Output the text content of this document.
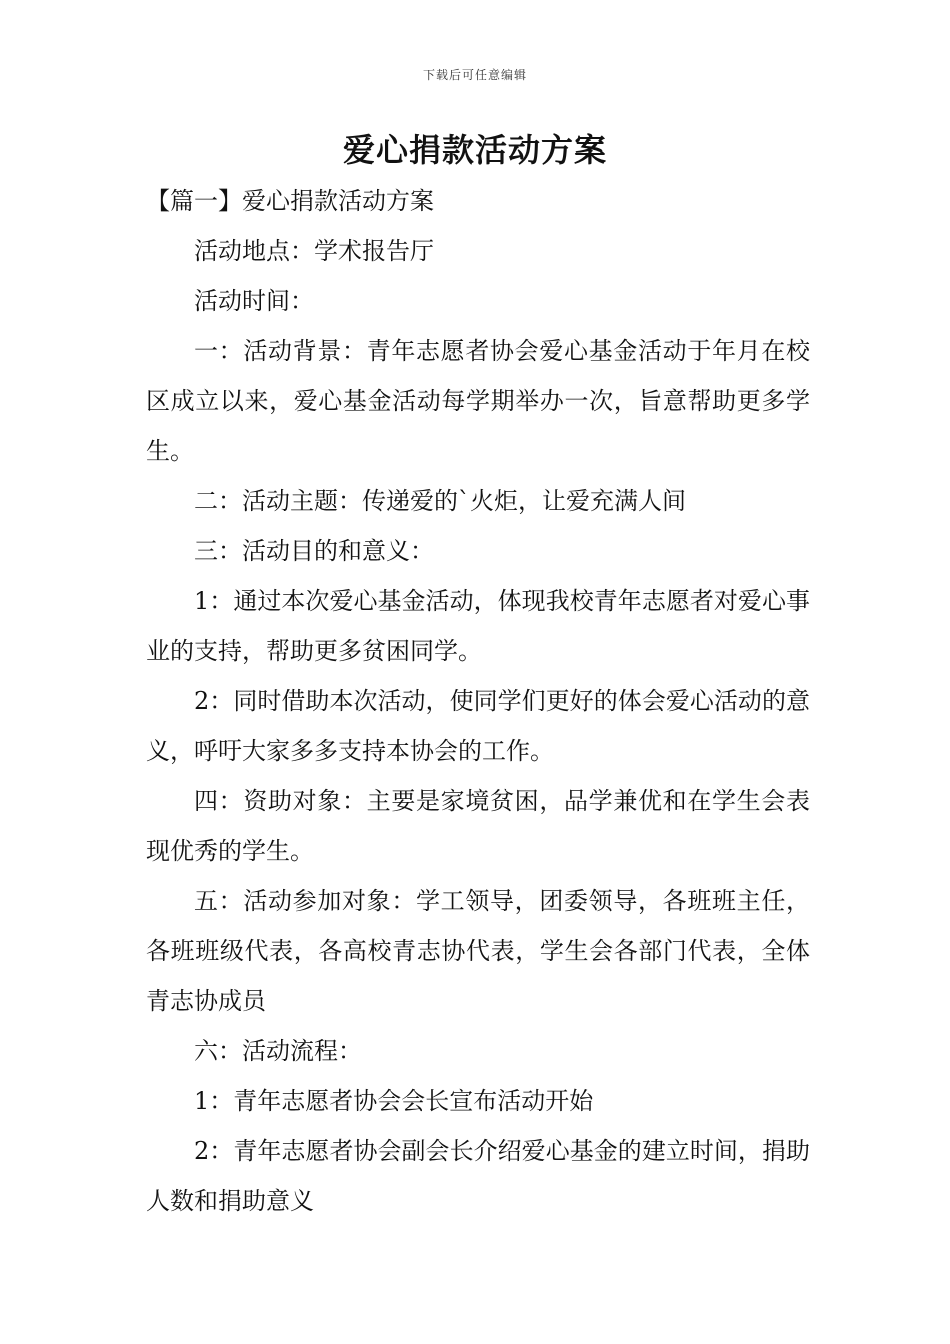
下载后可任意编辑
爱心捐款活动方案

【篇一】爱心捐款活动方案

活动地点：学术报告厅

活动时间：

一：活动背景：青年志愿者协会爱心基金活动于年月在校区成立以来，爱心基金活动每学期举办一次，旨意帮助更多学生。

二：活动主题：传递爱的`火炬，让爱充满人间

三：活动目的和意义：

1：通过本次爱心基金活动，体现我校青年志愿者对爱心事业的支持，帮助更多贫困同学。

2：同时借助本次活动，使同学们更好的体会爱心活动的意义，呼吁大家多多支持本协会的工作。

四：资助对象：主要是家境贫困，品学兼优和在学生会表现优秀的学生。

五：活动参加对象：学工领导，团委领导，各班班主任，各班班级代表，各高校青志协代表，学生会各部门代表，全体青志协成员

六：活动流程：

1：青年志愿者协会会长宣布活动开始

2：青年志愿者协会副会长介绍爱心基金的建立时间，捐助人数和捐助意义
